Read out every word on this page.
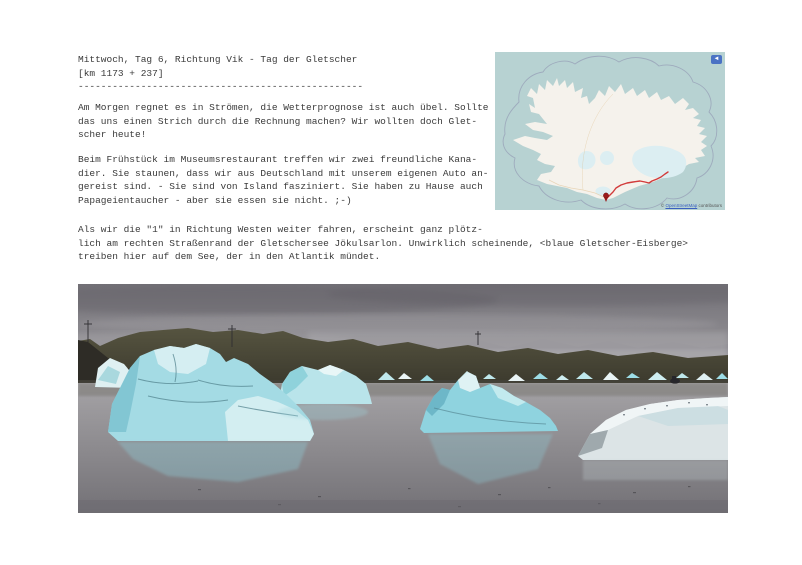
Mittwoch, Tag 6, Richtung Vik - Tag der Gletscher
[km 1173 + 237]
--------------------------------------------------
Am Morgen regnet es in Strömen, die Wetterprognose ist auch übel. Sollte
das uns einen Strich durch die Rechnung machen? Wir wollten doch Glet-
scher heute!
Beim Frühstück im Museumsrestaurant treffen wir zwei freundliche Kana-
dier. Sie staunen, dass wir aus Deutschland mit unserem eigenen Auto an-
gereist sind. - Sie sind von Island fasziniert. Sie haben zu Hause auch
Papageientaucher - aber sie essen sie nicht. ;-)
Als wir die "1" in Richtung Westen weiter fahren, erscheint ganz plötz-
lich am rechten Straßenrand der Gletschersee Jökulsarlon. Unwirklich scheinende, <blaue Gletscher-Eisberge>
treiben hier auf dem See, der in den Atlantik mündet.
◄
© OpenStreetMap contributors
